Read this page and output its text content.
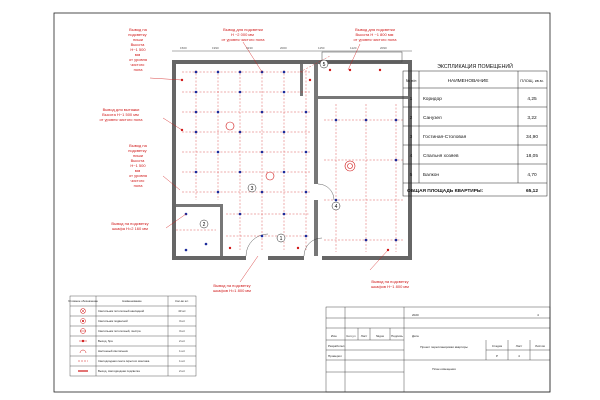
1500	1990	3230	2000	1150	1120	2090
1
2
3
4
5
Вывод на подсветку ниши Высота Н~1 500 мм от уровня чистого пола
Вывод для подсветки Н ~2 000 мм от уровня чистого пола
Вывод для подсветки Высота Н ~1 800 мм от уровня чистого пола
Вывод для вытяжки Высота Н~1 500 мм от уровня чистого пола
Вывод на подсветку ниши Высота Н~1 500 мм от уровня чистого пола
Вывод на подсветку шкафа Н=2 160 мм
Вывод на подсветку шкафов Н=1 800 мм
Вывод на подсветку шкафов Н~1 800 мм
ЭКСПЛИКАЦИЯ ПОМЕЩЕНИЙ
№ п/п	НАИМЕНОВАНИЕ	ПЛОЩ. кв.м.
1 Коридор	4,25
2 Санузел	3,22
3 Гостиная-Столовая	34,90
4 Спальня хозяев	18,05
5 Балкон	4,70
ОБЩАЯ ПЛОЩАДЬ КВАРТИРЫ:	65,12
Условное обозначение	Наименование	Кол-во шт.
Светильник потолочный накладной	43 шт
Светильник подвесной	3 шт
Светильник потолочный, люстра	3 шт
Выход, бра	2 шт
Настенный светильник	1 шт
Светодиодная лента скрытого монтажа	1 шт
Выход, светодиодная подсветка	2 шт
2020	4
Изм.	Кол.уч Лист	№док Подпись	Дата
Разработал
Проверил
Проект перепланировки квартиры	Стадия	Лист	Листов
Р	4
План освещения
